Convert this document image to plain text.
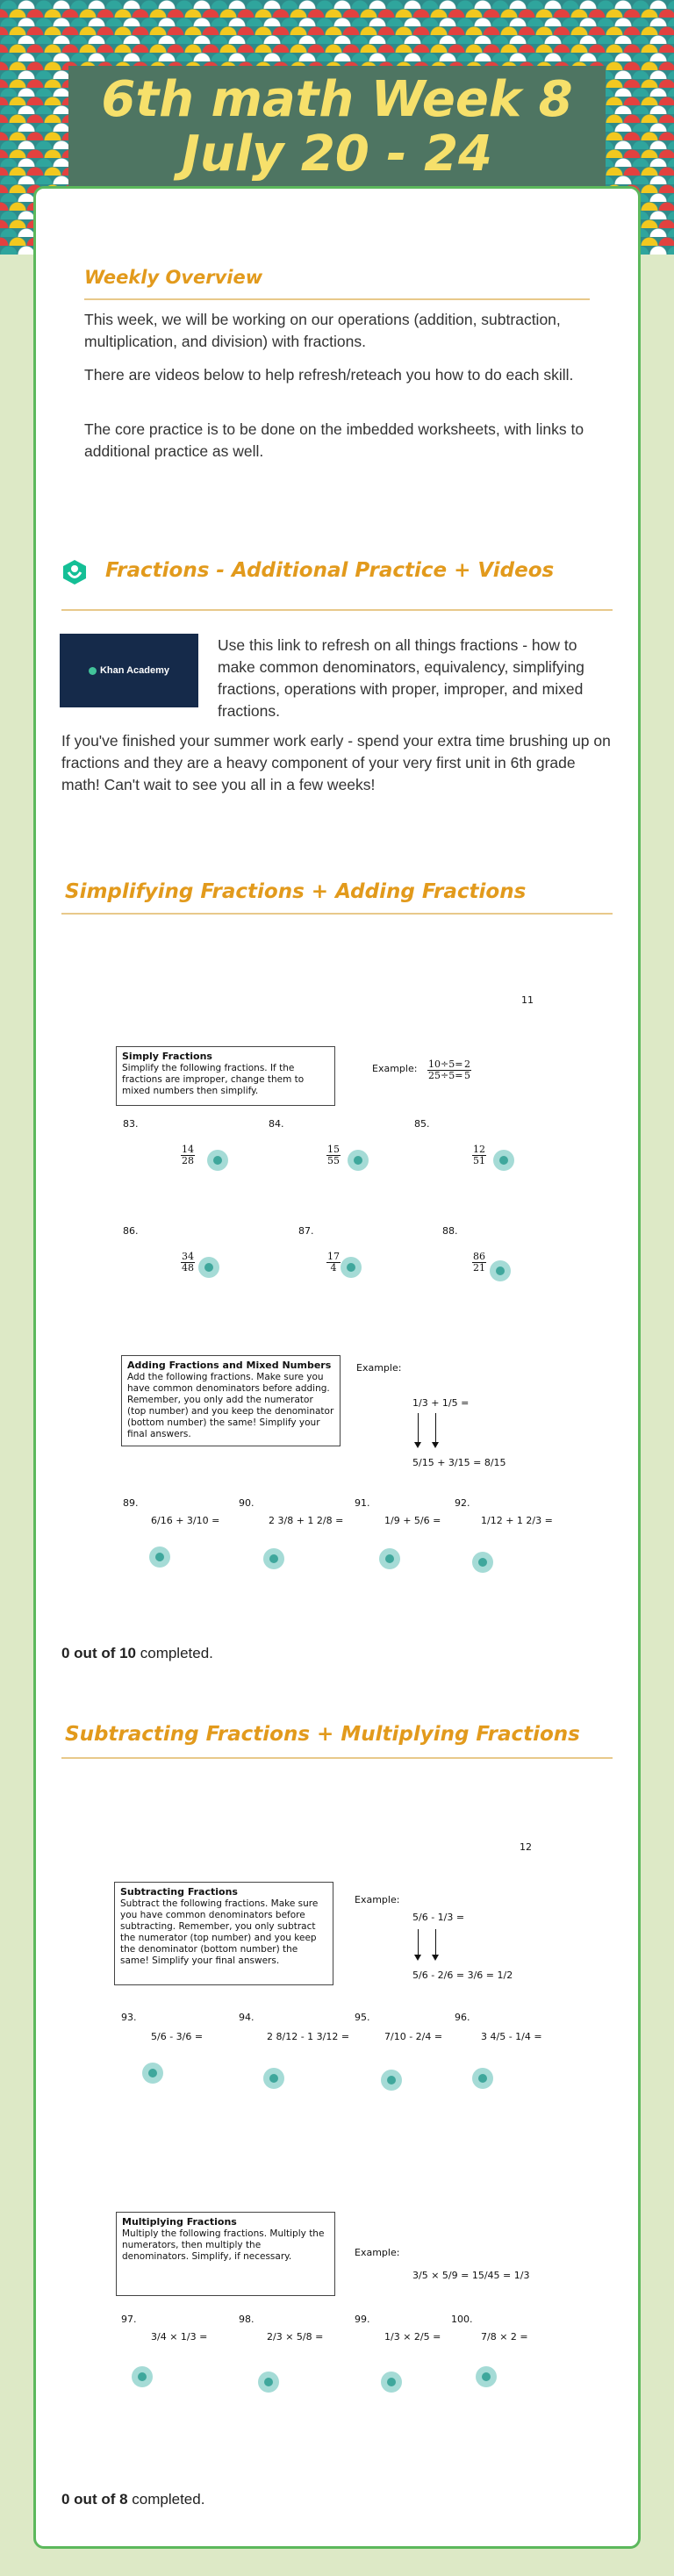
6th math Week 8
July 20 - 24
Weekly Overview
This week, we will be working on our operations (addition, subtraction, multiplication, and division) with fractions.
There are videos below to help refresh/reteach you how to do each skill.
The core practice is to be done on the imbedded worksheets, with links to additional practice as well.
Fractions - Additional Practice + Videos
Khan Academy
Use this link to refresh on all things fractions - how to make common denominators, equivalency, simplifying fractions, operations with proper, improper, and mixed fractions.
If you've finished your summer work early - spend your extra time brushing up on fractions and they are a heavy component of your very first unit in 6th grade math! Can't wait to see you all in a few weeks!
Simplifying Fractions + Adding Fractions
11
Simply Fractions
Simplify the following fractions. If the fractions are improper, change them to mixed numbers then simplify.
Example: $\frac{10\div 5=}{25\div 5=} \frac{2}{5}$
83.
$\frac{14}{28}$
84.
$\frac{15}{55}$
85.
$\frac{12}{51}$
86.
$\frac{34}{48}$
87.
$\frac{17}{4}$
88.
$\frac{86}{21}$
Adding Fractions and Mixed Numbers
Add the following fractions. Make sure you have common denominators before adding. Remember, you only add the numerator (top number) and you keep the denominator (bottom number) the same! Simplify your final answers.
Example:
1/3 + 1/5 =
5/15 + 3/15 = 8/15
89.
6/16 + 3/10 =
90.
2 3/8 + 1 2/8 =
91.
1/9 + 5/6 =
92.
1/12 + 1 2/3 =
0 out of 10 completed.
Subtracting Fractions + Multiplying Fractions
12
Subtracting Fractions
Subtract the following fractions. Make sure you have common denominators before subtracting. Remember, you only subtract the numerator (top number) and you keep the denominator (bottom number) the same! Simplify your final answers.
Example:
5/6 - 1/3 =
5/6 - 2/6 = 3/6 = 1/2
93.
5/6 - 3/6 =
94.
2 8/12 - 1 3/12 =
95.
7/10 - 2/4 =
96.
3 4/5 - 1/4 =
Multiplying Fractions
Multiply the following fractions. Multiply the numerators, then multiply the denominators. Simplify, if necessary.	Example:
3/5 × 5/9 = 15/45 = 1/3
97.
3/4 × 1/3 =
98.
2/3 × 5/8 =
99.
1/3 × 2/5 =
100.
7/8 × 2 =
0 out of 8 completed.
